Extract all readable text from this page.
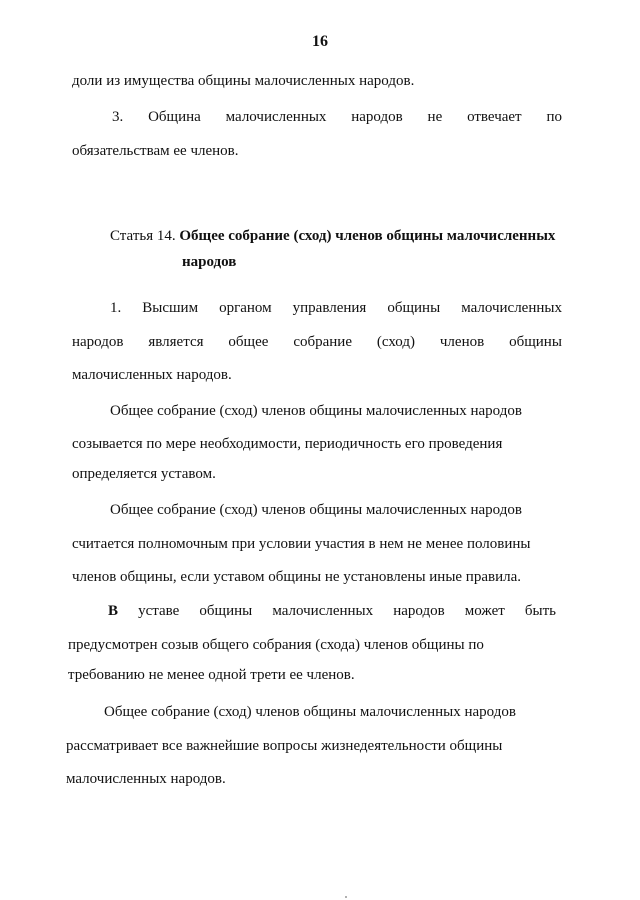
16
доли из имущества общины малочисленных народов.
3. Община малочисленных народов не отвечает по
обязательствам ее членов.
Статья 14. Общее собрание (сход) членов общины малочисленных
народов
1. Высшим органом управления общины малочисленных
народов является общее собрание (сход) членов общины
малочисленных народов.
Общее собрание (сход) членов общины малочисленных народов
созывается по мере необходимости, периодичность его проведения
определяется уставом.
Общее собрание (сход) членов общины малочисленных народов
считается полномочным при условии участия в нем не менее половины
членов общины, если уставом общины не установлены иные правила.
В уставе общины малочисленных народов может быть
предусмотрен созыв общего собрания (схода) членов общины по
требованию не менее одной трети ее членов.
Общее собрание (сход) членов общины малочисленных народов
рассматривает все важнейшие вопросы жизнедеятельности общины
малочисленных народов.
